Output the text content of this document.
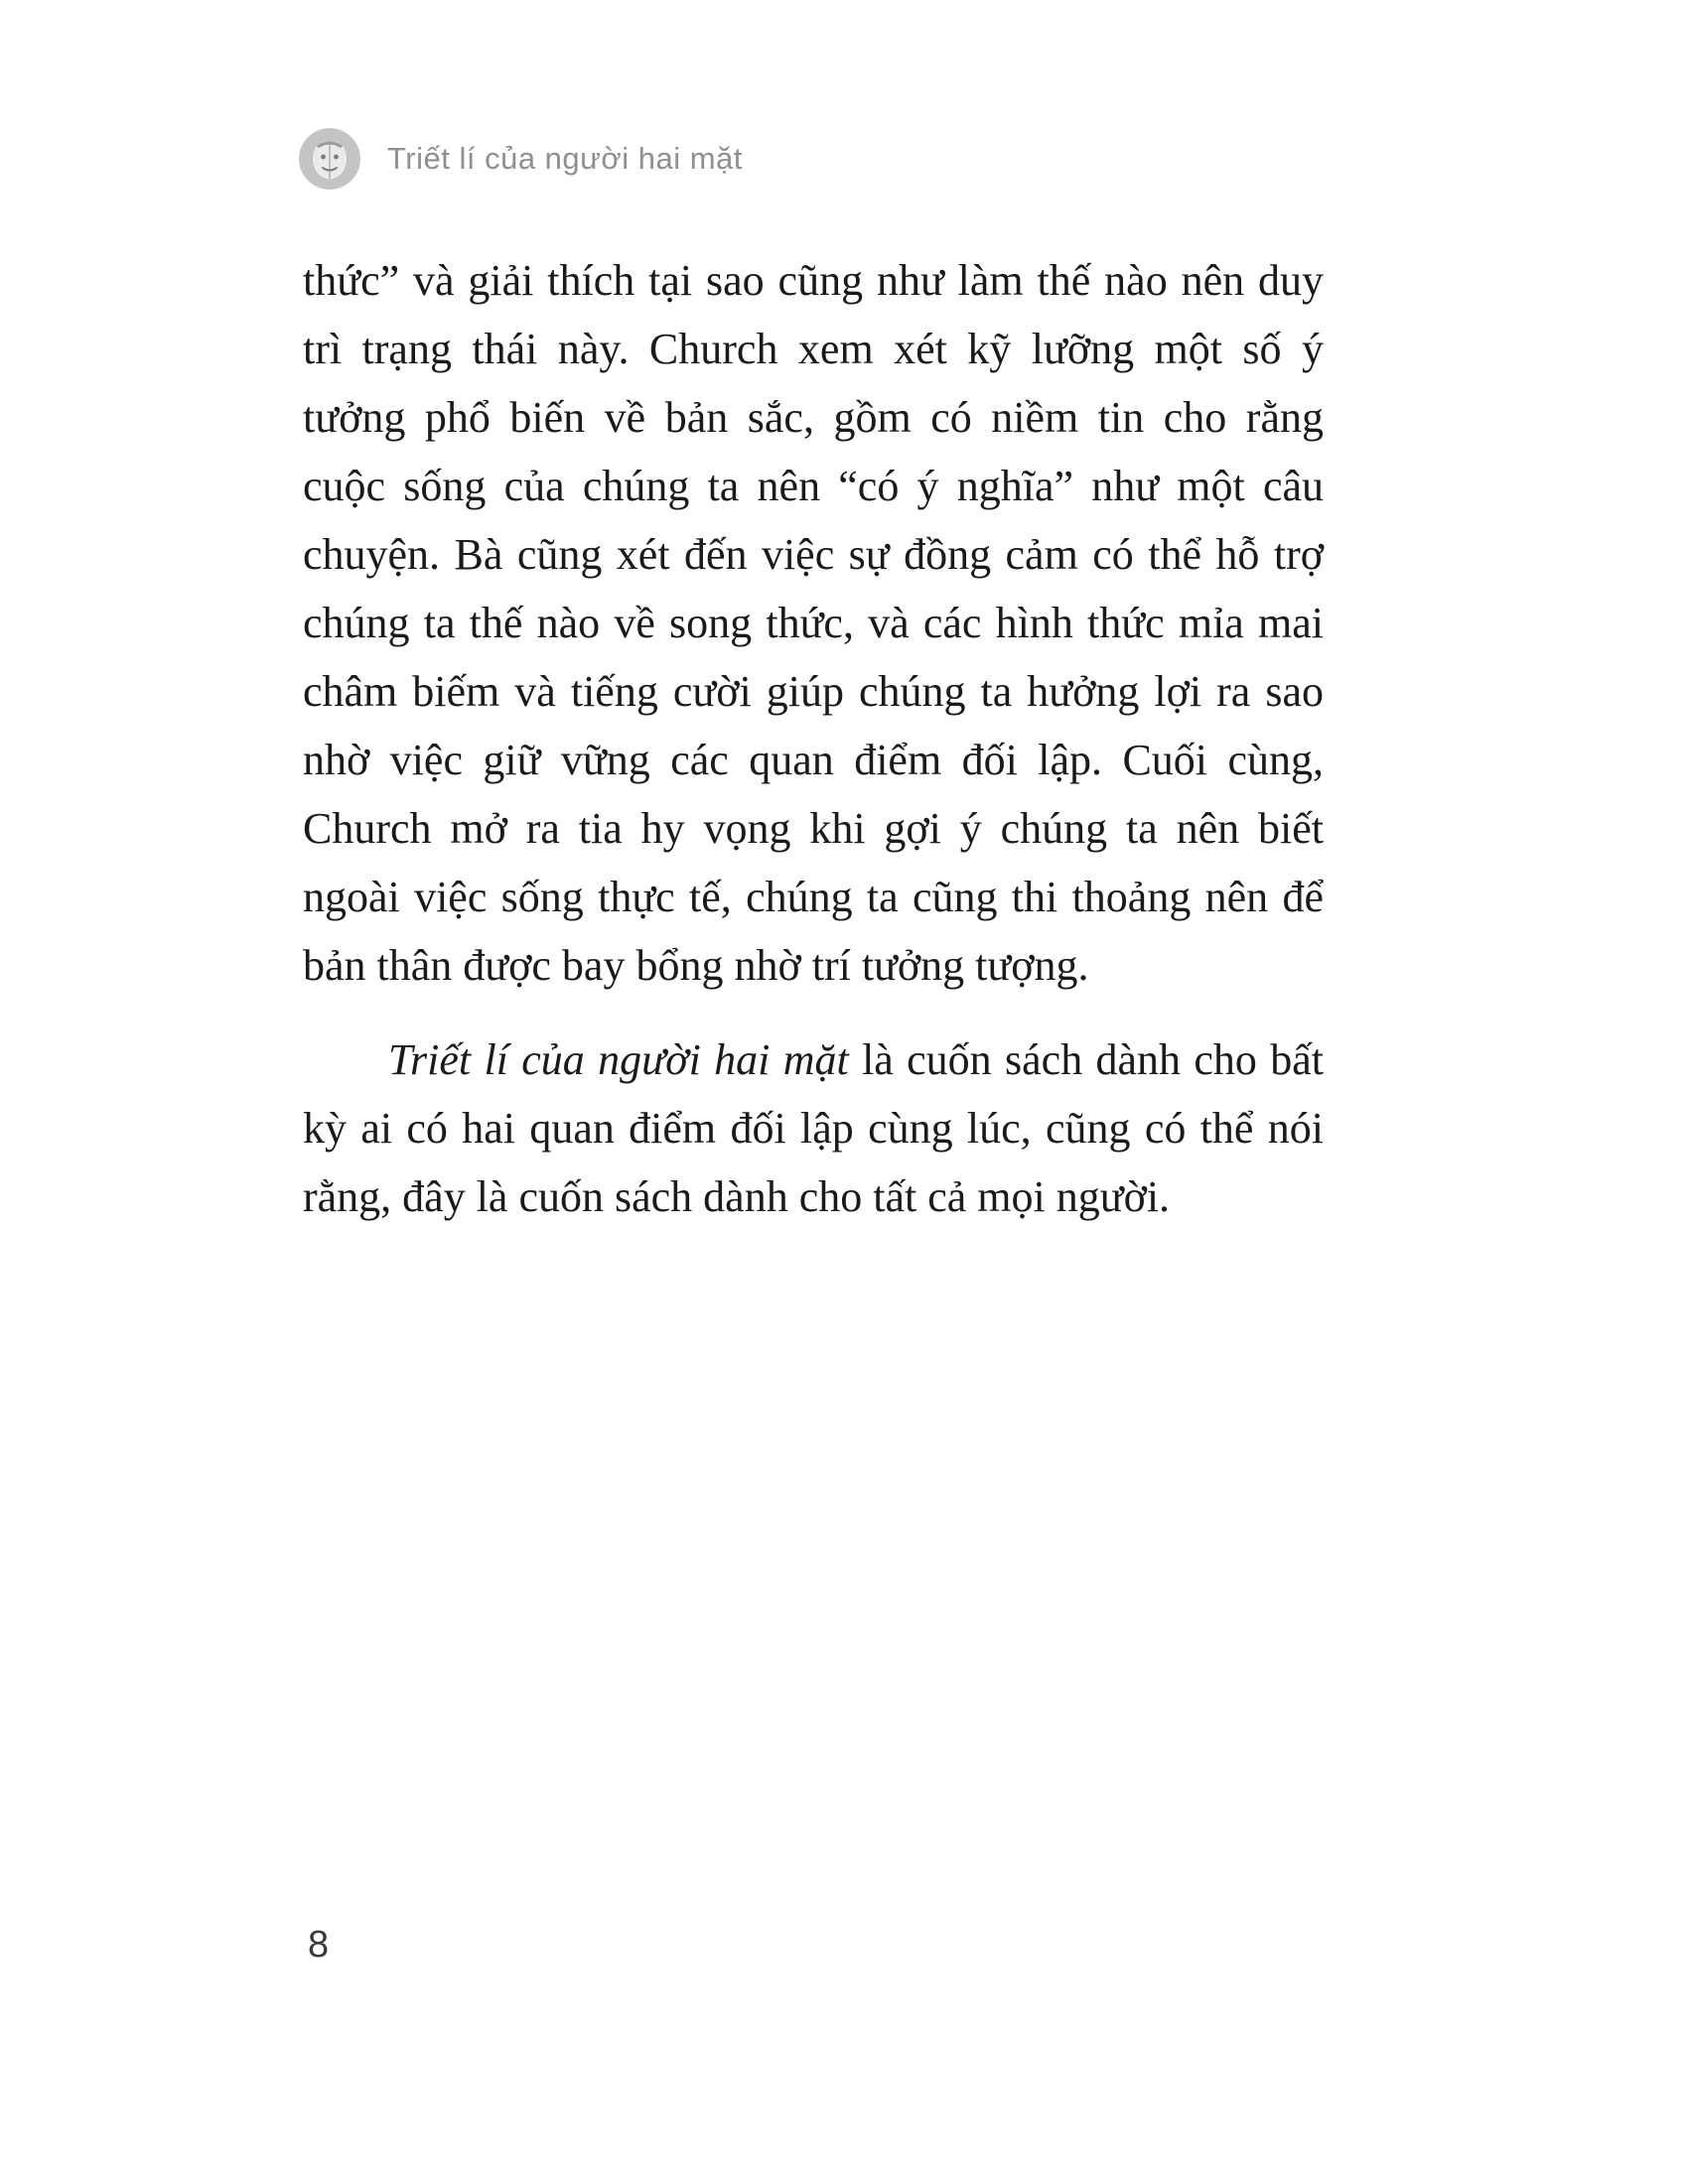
Triết lí của người hai mặt

thức” và giải thích tại sao cũng như làm thế nào nên duy trì trạng thái này. Church xem xét kỹ lưỡng một số ý tưởng phổ biến về bản sắc, gồm có niềm tin cho rằng cuộc sống của chúng ta nên “có ý nghĩa” như một câu chuyện. Bà cũng xét đến việc sự đồng cảm có thể hỗ trợ chúng ta thế nào về song thức, và các hình thức mỉa mai châm biếm và tiếng cười giúp chúng ta hưởng lợi ra sao nhờ việc giữ vững các quan điểm đối lập. Cuối cùng, Church mở ra tia hy vọng khi gợi ý chúng ta nên biết ngoài việc sống thực tế, chúng ta cũng thi thoảng nên để bản thân được bay bổng nhờ trí tưởng tượng.

Triết lí của người hai mặt là cuốn sách dành cho bất kỳ ai có hai quan điểm đối lập cùng lúc, cũng có thể nói rằng, đây là cuốn sách dành cho tất cả mọi người.

8
